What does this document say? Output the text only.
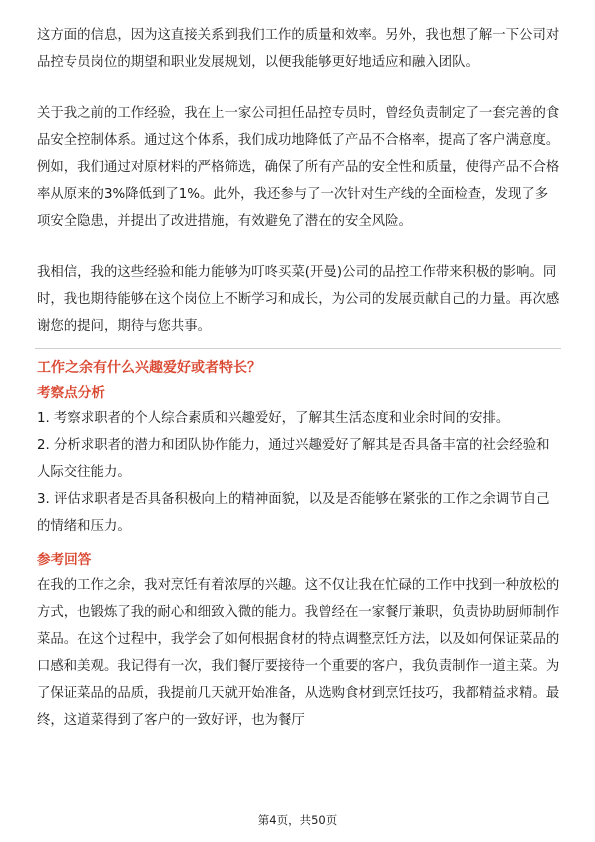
这方面的信息，因为这直接关系到我们工作的质量和效率。另外，我也想了解一下公司对品控专员岗位的期望和职业发展规划，以便我能够更好地适应和融入团队。

关于我之前的工作经验，我在上一家公司担任品控专员时，曾经负责制定了一套完善的食品安全控制体系。通过这个体系，我们成功地降低了产品不合格率，提高了客户满意度。例如，我们通过对原材料的严格筛选，确保了所有产品的安全性和质量，使得产品不合格率从原来的3%降低到了1%。此外，我还参与了一次针对生产线的全面检查，发现了多项安全隐患，并提出了改进措施，有效避免了潜在的安全风险。

我相信，我的这些经验和能力能够为叮咚买菜(开曼)公司的品控工作带来积极的影响。同时，我也期待能够在这个岗位上不断学习和成长，为公司的发展贡献自己的力量。再次感谢您的提问，期待与您共事。

工作之余有什么兴趣爱好或者特长？

考察点分析

1. 考察求职者的个人综合素质和兴趣爱好，了解其生活态度和业余时间的安排。

2. 分析求职者的潜力和团队协作能力，通过兴趣爱好了解其是否具备丰富的社会经验和人际交往能力。

3. 评估求职者是否具备积极向上的精神面貌，以及是否能够在紧张的工作之余调节自己的情绪和压力。

参考回答

在我的工作之余，我对烹饪有着浓厚的兴趣。这不仅让我在忙碌的工作中找到一种放松的方式，也锻炼了我的耐心和细致入微的能力。我曾经在一家餐厅兼职，负责协助厨师制作菜品。在这个过程中，我学会了如何根据食材的特点调整烹饪方法，以及如何保证菜品的口感和美观。我记得有一次，我们餐厅要接待一个重要的客户，我负责制作一道主菜。为了保证菜品的品质，我提前几天就开始准备，从选购食材到烹饪技巧，我都精益求精。最终，这道菜得到了客户的一致好评，也为餐厅

第4页，共50页
